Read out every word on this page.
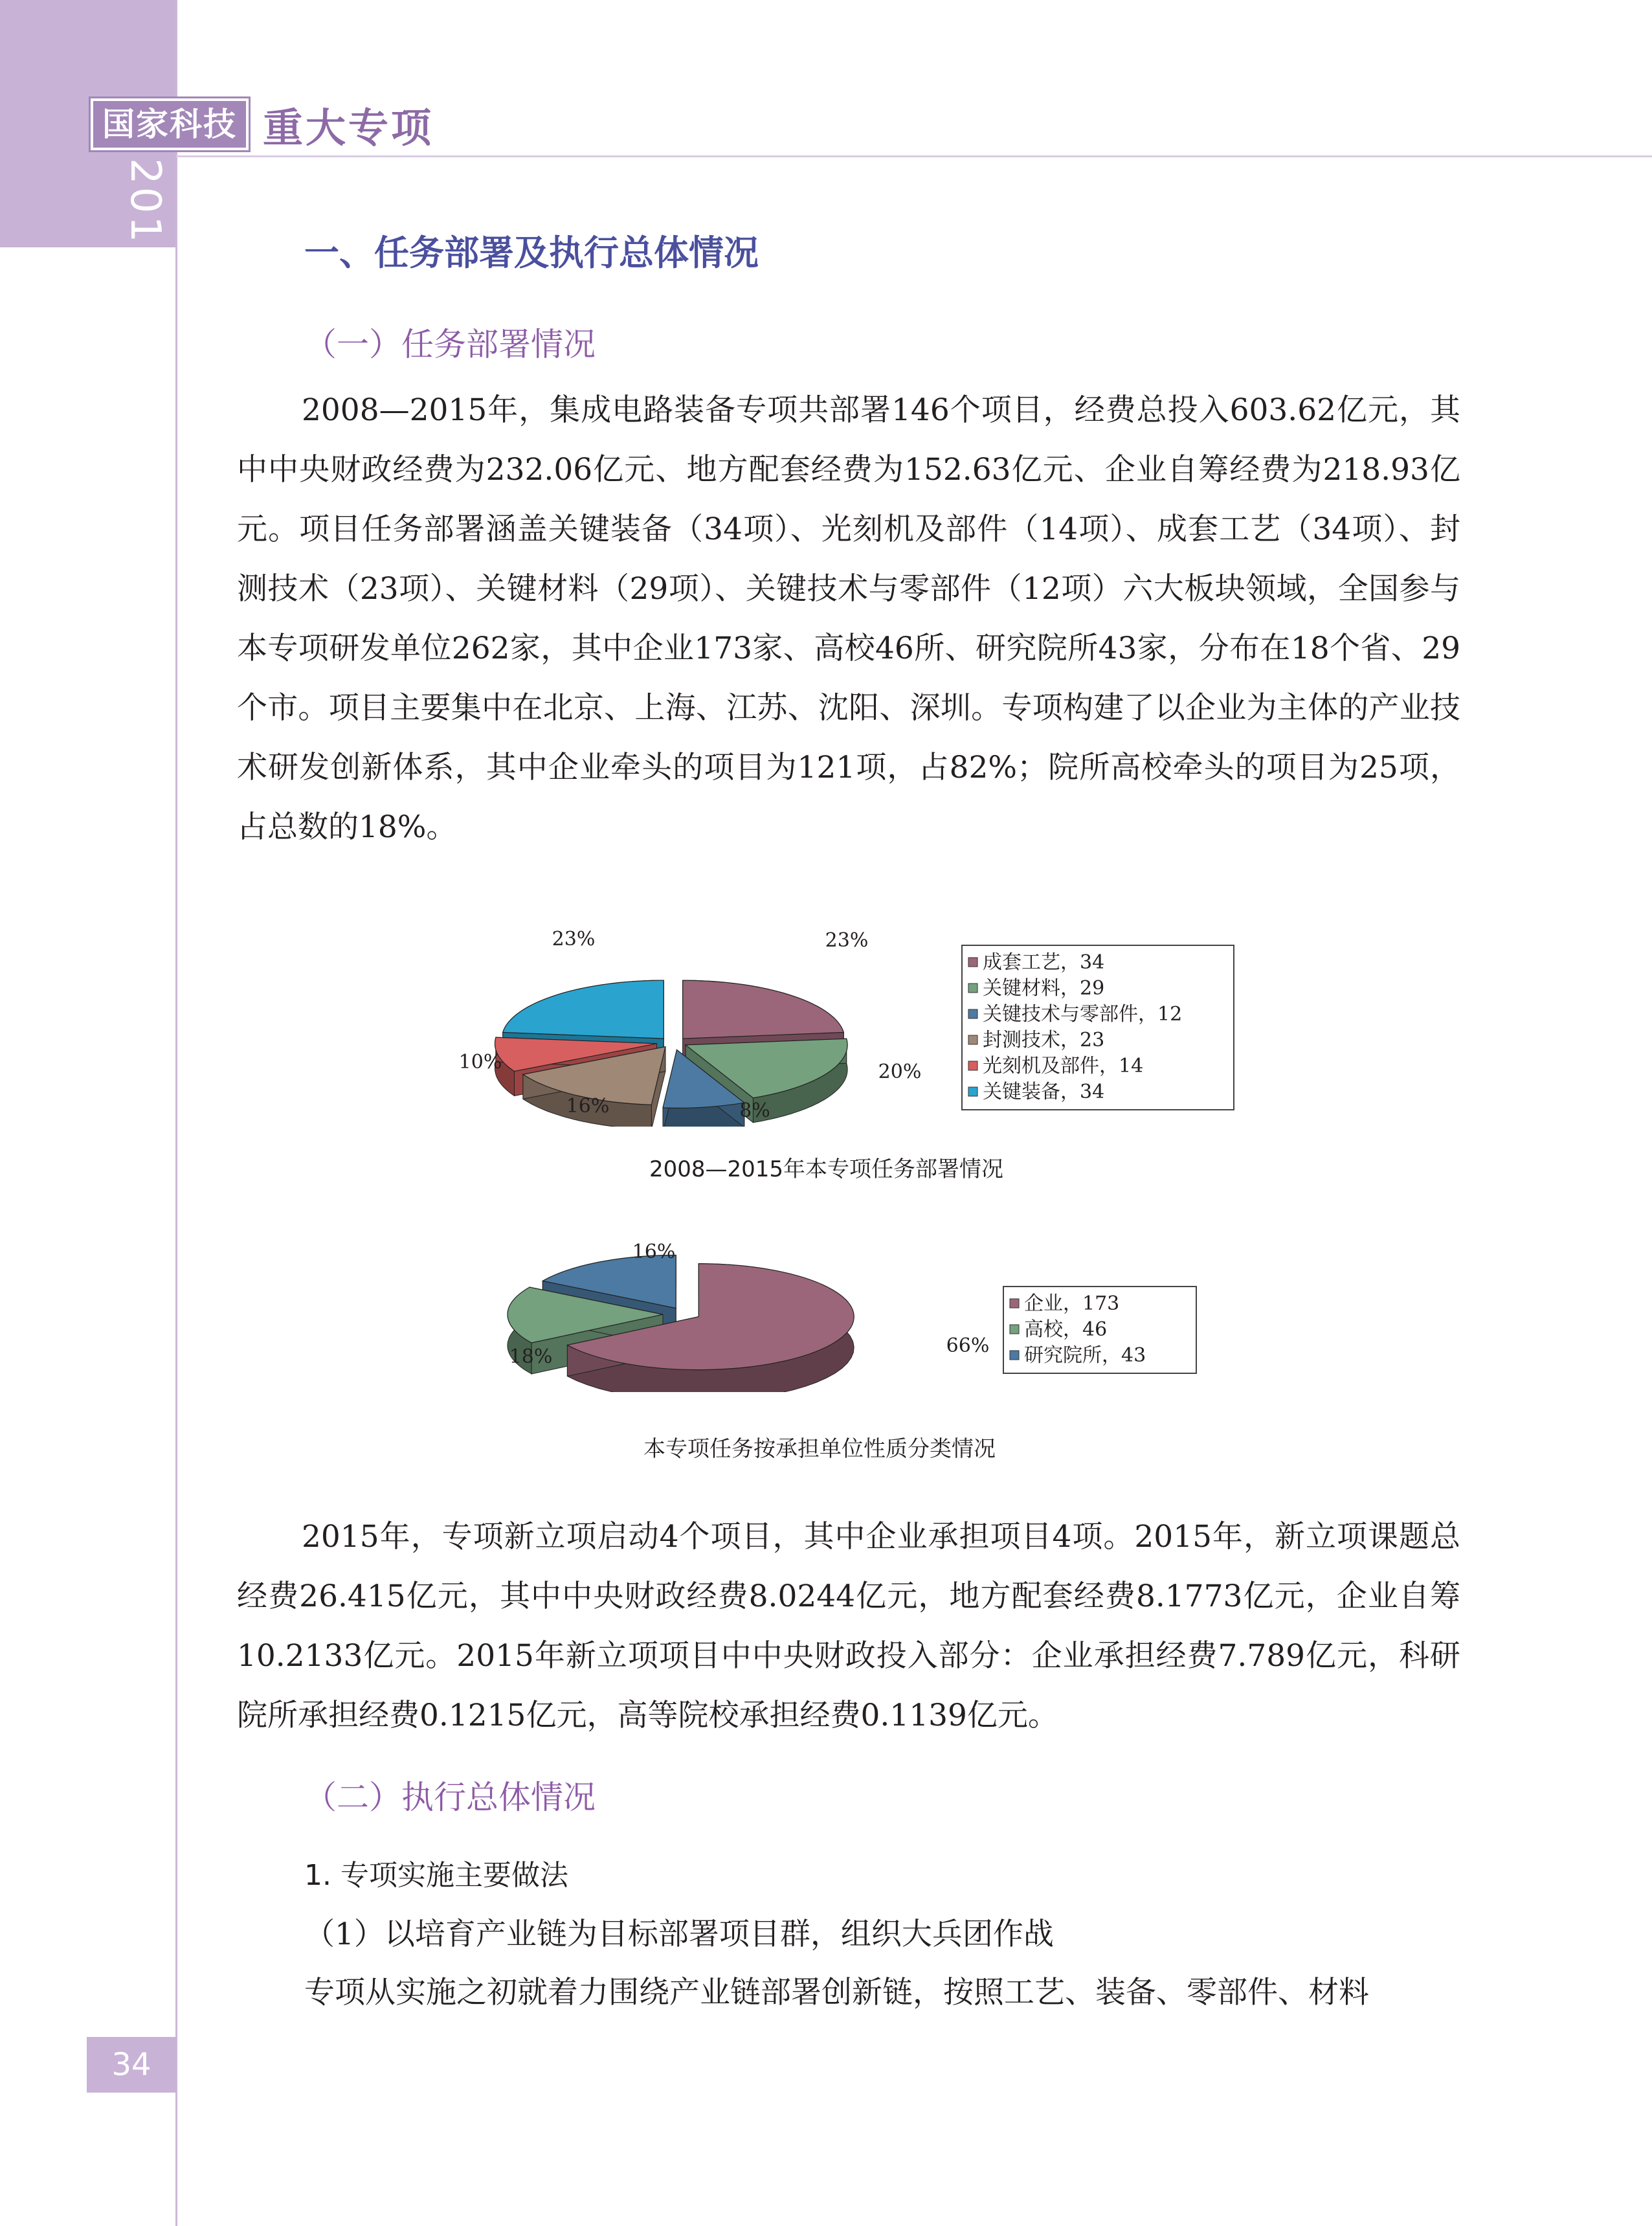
国家科技 重大专项
2015 年度报告	一、任务部署及执行总体情况
（一）任务部署情况

2008—2015年，集成电路装备专项共部署146个项目，经费总投入603.62亿元，其中中央财政经费为232.06亿元、地方配套经费为152.63亿元、企业自筹经费为218.93亿元。项目任务部署涵盖关键装备（34项）、光刻机及部件（14项）、成套工艺（34项）、封测技术（23项）、关键材料（29项）、关键技术与零部件（12项）六大板块领域，全国参与本专项研发单位262家，其中企业173家、高校46所、研究院所43家，分布在18个省、29个市。项目主要集中在北京、上海、江苏、沈阳、深圳。专项构建了以企业为主体的产业技术研发创新体系，其中企业牵头的项目为121项，占82%；院所高校牵头的项目为25项，占总数的18%。

23%
20%
8%
16%
10%
23%
成套工艺，34
关键材料，29
关键技术与零部件，12
封测技术，23
光刻机及部件，14
关键装备，34
2008—2015年本专项任务部署情况
66%
18%
16%
企业，173
高校，46
研究院所，43
本专项任务按承担单位性质分类情况

2015年，专项新立项启动4个项目，其中企业承担项目4项。2015年，新立项课题总经费26.415亿元，其中中央财政经费8.0244亿元，地方配套经费8.1773亿元，企业自筹10.2133亿元。2015年新立项项目中中央财政投入部分：企业承担经费7.789亿元，科研院所承担经费0.1215亿元，高等院校承担经费0.1139亿元。

（二）执行总体情况
1. 专项实施主要做法
（1）以培育产业链为目标部署项目群，组织大兵团作战
专项从实施之初就着力围绕产业链部署创新链，按照工艺、装备、零部件、材料
34
